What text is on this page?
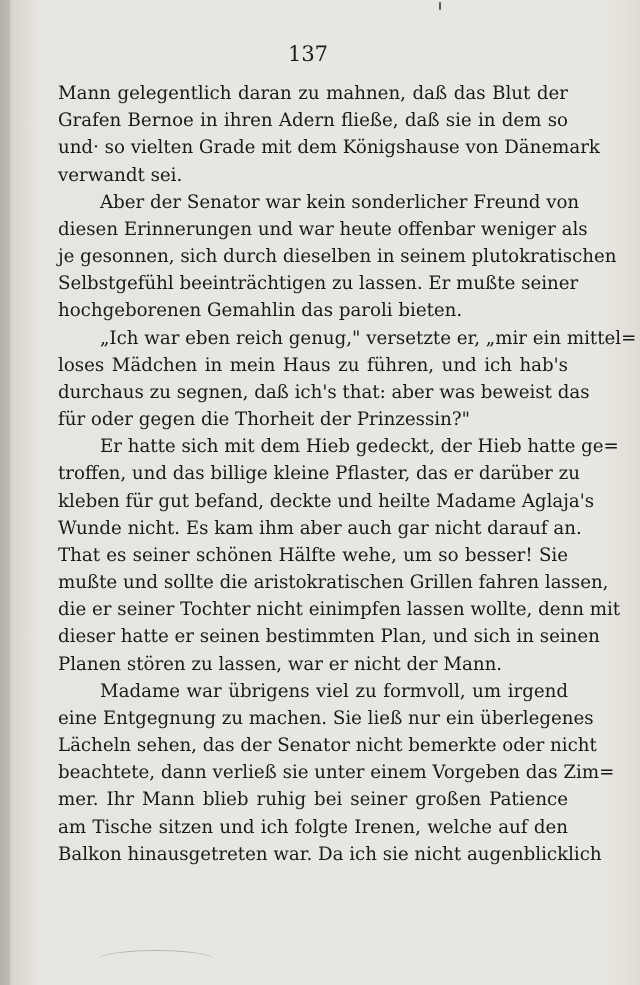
137
Mann gelegentlich daran zu mahnen, daß das Blut der
Grafen Bernoe in ihren Adern fließe, daß sie in dem so
und· so vielten Grade mit dem Königshause von Dänemark
verwandt sei.
Aber der Senator war kein sonderlicher Freund von
diesen Erinnerungen und war heute offenbar weniger als
je gesonnen, sich durch dieselben in seinem plutokratischen
Selbstgefühl beeinträchtigen zu lassen. Er mußte seiner
hochgeborenen Gemahlin das paroli bieten.
„Ich war eben reich genug," versetzte er, „mir ein mittel=
loses Mädchen in mein Haus zu führen, und ich hab's
durchaus zu segnen, daß ich's that: aber was beweist das
für oder gegen die Thorheit der Prinzessin?"
Er hatte sich mit dem Hieb gedeckt, der Hieb hatte ge=
troffen, und das billige kleine Pflaster, das er darüber zu
kleben für gut befand, deckte und heilte Madame Aglaja's
Wunde nicht. Es kam ihm aber auch gar nicht darauf an.
That es seiner schönen Hälfte wehe, um so besser! Sie
mußte und sollte die aristokratischen Grillen fahren lassen,
die er seiner Tochter nicht einimpfen lassen wollte, denn mit
dieser hatte er seinen bestimmten Plan, und sich in seinen
Planen stören zu lassen, war er nicht der Mann.
Madame war übrigens viel zu formvoll, um irgend
eine Entgegnung zu machen. Sie ließ nur ein überlegenes
Lächeln sehen, das der Senator nicht bemerkte oder nicht
beachtete, dann verließ sie unter einem Vorgeben das Zim=
mer. Ihr Mann blieb ruhig bei seiner großen Patience
am Tische sitzen und ich folgte Irenen, welche auf den
Balkon hinausgetreten war. Da ich sie nicht augenblicklich
